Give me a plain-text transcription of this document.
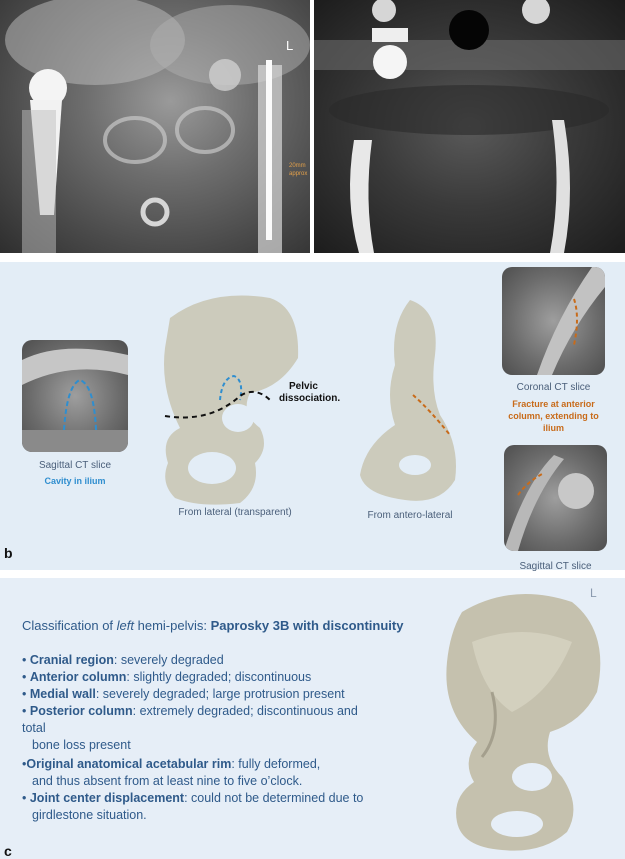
L
20mm
approx
Sagittal CT slice
Cavity in ilium
Pelvic
dissociation.
From lateral (transparent)	From antero-lateral
Coronal CT slice
Fracture at anterior
column, extending to
ilium
Sagittal CT slice
b
L
Classification of left hemi-pelvis: Paprosky 3B with discontinuity
• Cranial region: severely degraded
• Anterior column: slightly degraded; discontinuous
• Medial wall: severely degraded; large protrusion present
• Posterior column: extremely degraded; discontinuous and total
bone loss present
•Original anatomical acetabular rim: fully deformed,
and thus absent from at least nine to five o’clock.
• Joint center displacement: could not be determined due to
girdlestone situation.
c
